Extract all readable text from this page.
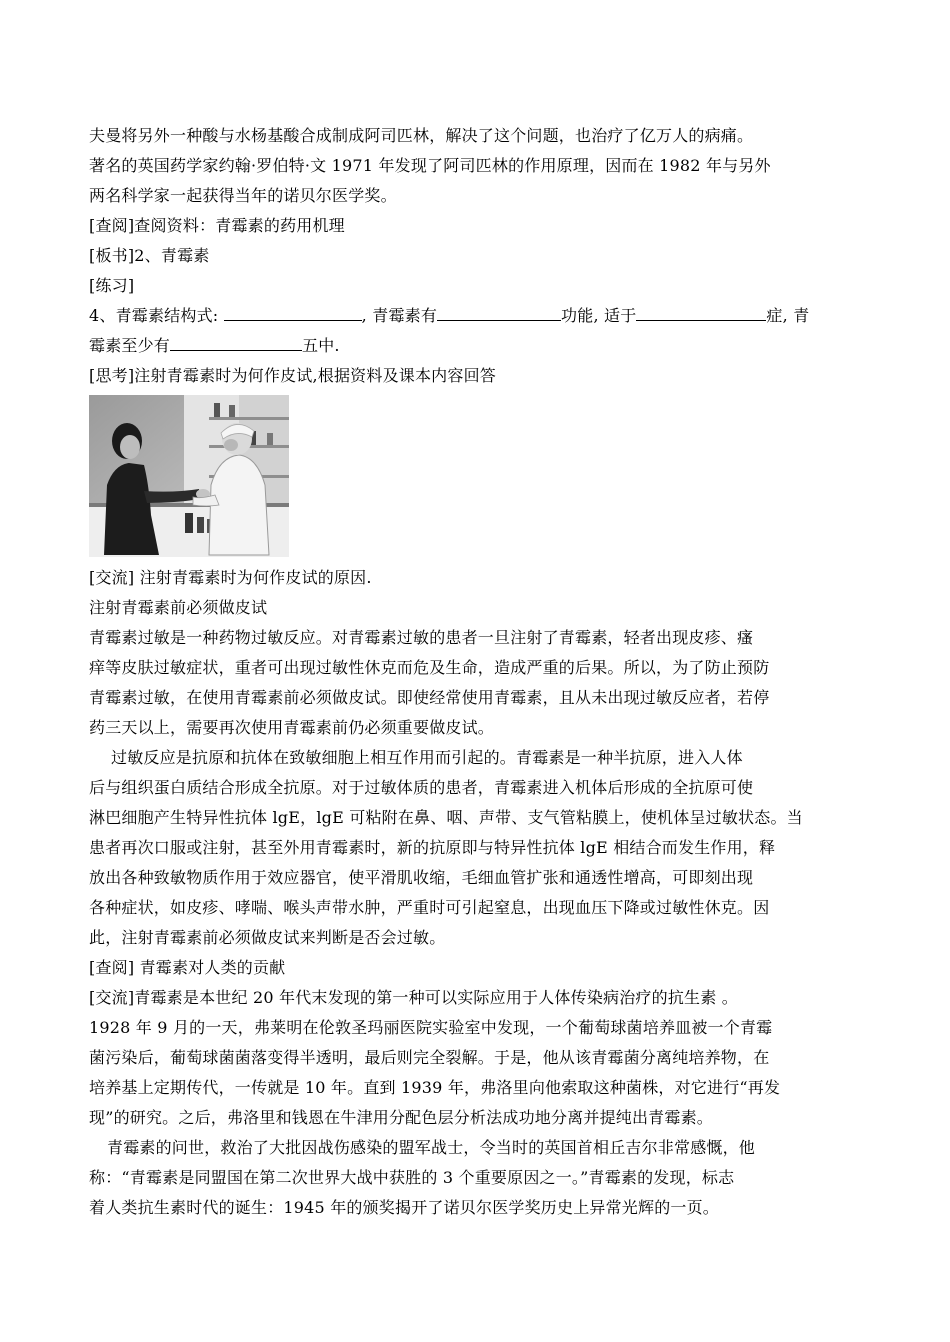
夫曼将另外一种酸与水杨基酸合成制成阿司匹林，解决了这个问题，也治疗了亿万人的病痛。
著名的英国药学家约翰·罗伯特·文 1971 年发现了阿司匹林的作用原理，因而在 1982 年与另外
两名科学家一起获得当年的诺贝尔医学奖。
[查阅]查阅资料：青霉素的药用机理
[板书]2、青霉素
[练习]
4、青霉素结构式:	, 青霉素有	功能, 适于	症, 青
霉素至少有	五中.
[思考]注射青霉素时为何作皮试,根据资料及课本内容回答
[交流] 注射青霉素时为何作皮试的原因.
注射青霉素前必须做皮试
青霉素过敏是一种药物过敏反应。对青霉素过敏的患者一旦注射了青霉素，轻者出现皮疹、瘙
痒等皮肤过敏症状，重者可出现过敏性休克而危及生命，造成严重的后果。所以，为了防止预防
青霉素过敏，在使用青霉素前必须做皮试。即使经常使用青霉素，且从未出现过敏反应者，若停
药三天以上，需要再次使用青霉素前仍必须重要做皮试。
过敏反应是抗原和抗体在致敏细胞上相互作用而引起的。青霉素是一种半抗原，进入人体
后与组织蛋白质结合形成全抗原。对于过敏体质的患者，青霉素进入机体后形成的全抗原可使
淋巴细胞产生特异性抗体 lgE，lgE 可粘附在鼻、咽、声带、支气管粘膜上，使机体呈过敏状态。当
患者再次口服或注射，甚至外用青霉素时，新的抗原即与特异性抗体 lgE 相结合而发生作用，释
放出各种致敏物质作用于效应器官，使平滑肌收缩，毛细血管扩张和通透性增高，可即刻出现
各种症状，如皮疹、哮喘、喉头声带水肿，严重时可引起窒息，出现血压下降或过敏性休克。因
此，注射青霉素前必须做皮试来判断是否会过敏。
[查阅] 青霉素对人类的贡献
[交流]青霉素是本世纪 20 年代末发现的第一种可以实际应用于人体传染病治疗的抗生素 。
1928 年 9 月的一天，弗莱明在伦敦圣玛丽医院实验室中发现，一个葡萄球菌培养皿被一个青霉
菌污染后，葡萄球菌菌落变得半透明，最后则完全裂解。于是，他从该青霉菌分离纯培养物，在
培养基上定期传代，一传就是 10 年。直到 1939 年，弗洛里向他索取这种菌株，对它进行“再发
现”的研究。之后，弗洛里和钱恩在牛津用分配色层分析法成功地分离并提纯出青霉素。
青霉素的问世，救治了大批因战伤感染的盟军战士，令当时的英国首相丘吉尔非常感慨，他
称：“青霉素是同盟国在第二次世界大战中获胜的 3 个重要原因之一。”青霉素的发现，标志
着人类抗生素时代的诞生：1945 年的颁奖揭开了诺贝尔医学奖历史上异常光辉的一页。
